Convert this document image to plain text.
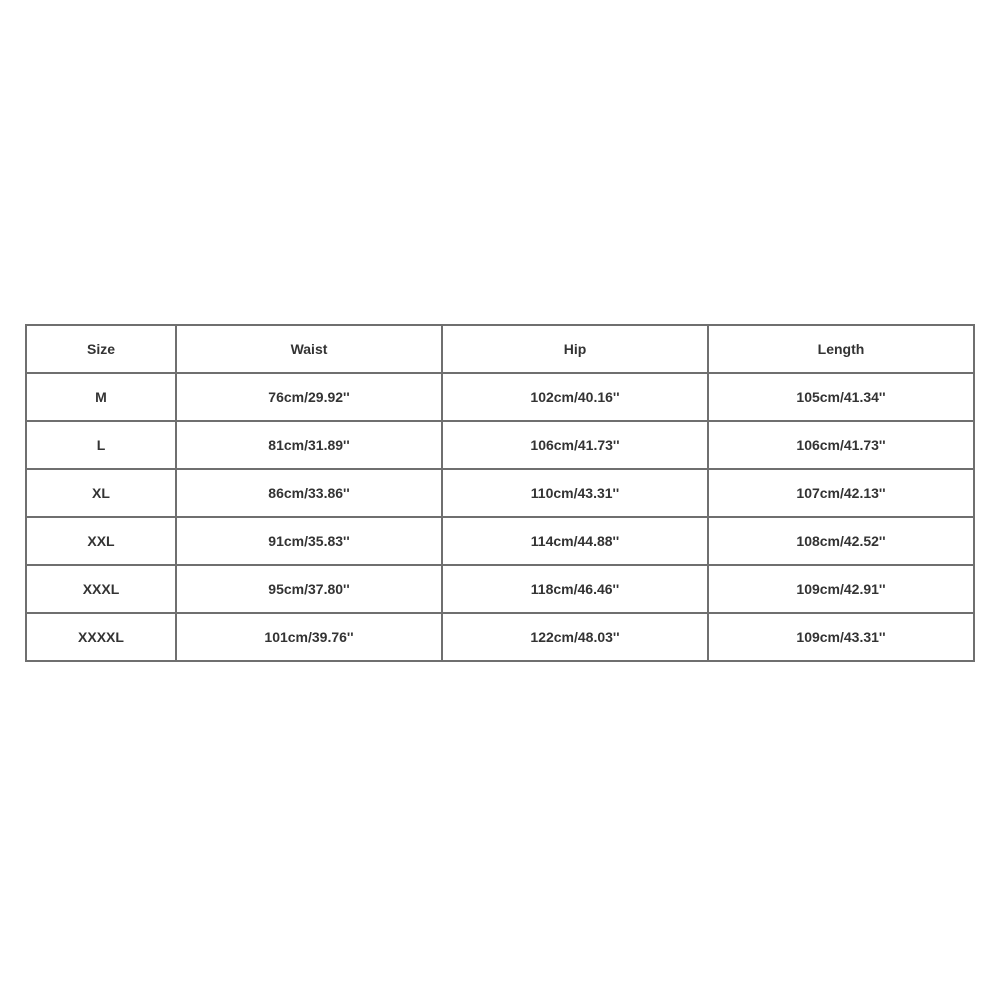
Size	Waist	Hip	Length
M	76cm/29.92''	102cm/40.16''	105cm/41.34''
L	81cm/31.89''	106cm/41.73''	106cm/41.73''
XL	86cm/33.86''	110cm/43.31''	107cm/42.13''
XXL	91cm/35.83''	114cm/44.88''	108cm/42.52''
XXXL	95cm/37.80''	118cm/46.46''	109cm/42.91''
XXXXL	101cm/39.76''	122cm/48.03''	109cm/43.31''
